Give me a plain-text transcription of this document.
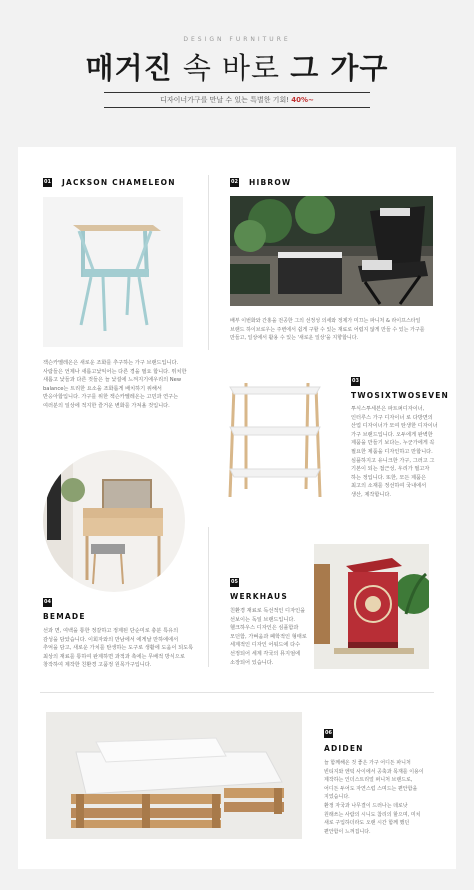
DESIGN FURNITURE
매거진 속 바로 그 가구
디자이너가구를 만날 수 있는 특별한 기회! 40%~
01 JACKSON CHAMELEON
잭슨카멜레온은 새로운 조화를 추구하는 가구 브랜드입니다.
사람들은 언제나 새롭고낯익어는 다른 경을 필요 합니다. 뛰치한
새롭고 낯들과 다른 것들은 늘 낯설에 느껴지기에우리의 New
balance는 트리한 요소을 조화롭게 배치하기 위해서
반응아합입니다. 가구를 위한 잭슨카멜레온는 고민과 연구는
여러분의 일상에 적지한 즐거운 변화를 가져올 것입니다.
02 HIBROW
배부 이번화와 간홍을 전공한 그의 선정성 의세와 정제가 미끄는 파니처 & 라이프스타일
브랜드 하이브로우는 주변에서 쉽게 구할 수 있는 재료로 어렵지 않게 만들 수 있는 가구를
만들고, 일상에서 활용 수 있는 '새로운 일상'을 지향합니다.
03
TWOSIXTWOSEVEN
투식스투세븐은 파트퍼디자이너,
인터루스 가구 디자이너 로 다방면의
산업 디자이너가 모여 탄생한 디자이너
가구 브랜드입니다. 오두에게 완벽한
제품을 만들기 보다는, 누군가에게 꼭
필요한 제품을 디자인하고 만합니다.
심플하지고 유니크한 가구, 그러고 그
기본이 되는 접근성, 우리가 필고자
하는 정입니다. 또한, 모든 제품은
최고의 소재를 정선하여 국내에서
생산, 제작합니다.
04
BEMADE
선과 면, 여백을 통한 정갈하고 정제된 단순미로 충분 특유의
감성을 담았습니다. 이회자와의 만남에서 에게날 만하에에서
추억을 담고, 새로운 가치를 탄생하는 도구로 생활에 도움이 되도록
최상의 재료를 통하여 완제하면 과적과 촉에는 무배적 방식으로
창작하여 제작한 친환경 고품정 원목가구입니다.
05
WERKHAUS
친환경 재료로 독선적인 디자인을
선보이는 독일 브랜드입니다.
헬크하우스 디자인은 심플함과
모던함, 가벼움과 폐학적인 형태로
세계적인 디자인 어워드에 다수
선정되어 세계 각국의 뮤지엄에
소장되어 있습니다.
06
ADIDEN
늘 함께해온 것 좋은 가구 어디든 파니처
빈티지와 엔틱 사이에서 공축과 목재를 이용이
제작하는 인더스트리얼 퍼니처 브랜드로,
어디든 두어도 자연스럽 스며드는 편안함을
지었습니다.
환정 자국과 나무결이 드러나는 데로낫
원래쓰는 사람의 시니도 참리의 할으며, 미치
새로 구입하더라도 오랜 시간 함께 했던
편안함이 느껴집니다.
